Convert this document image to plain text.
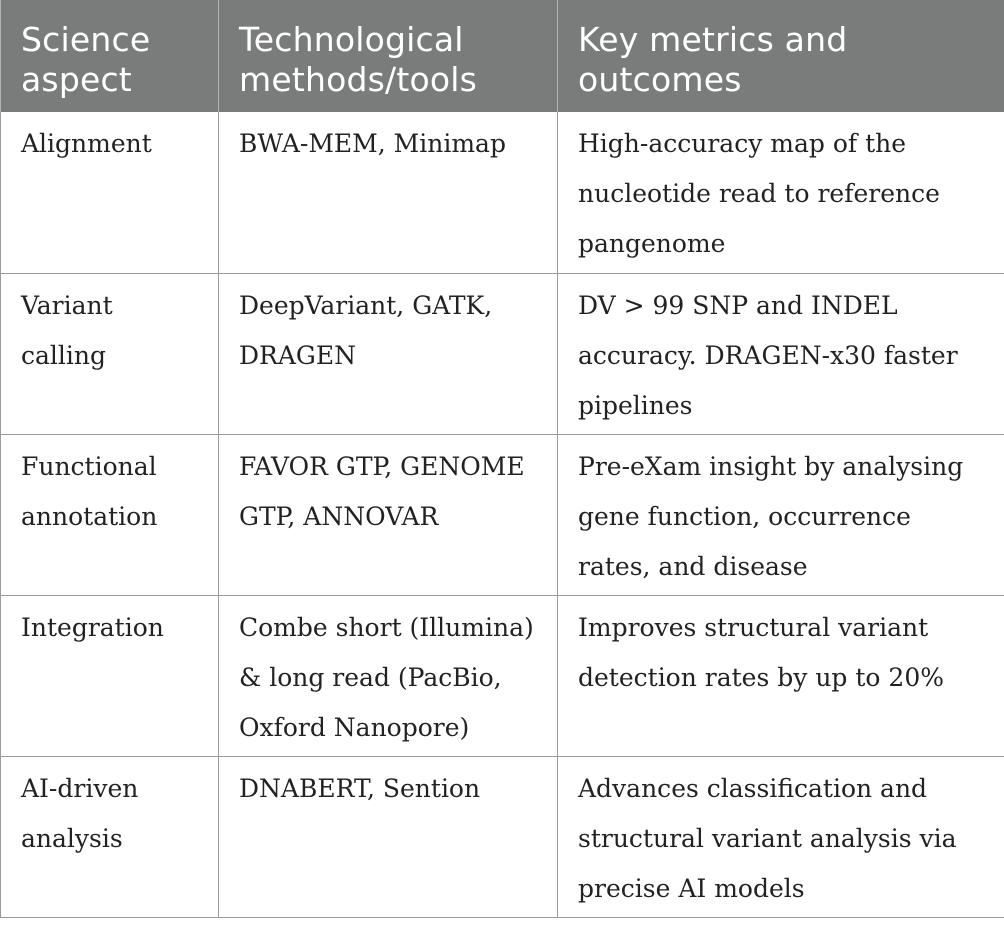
Science aspect	Technological methods/tools	Key metrics and outcomes
Alignment	BWA-MEM, Minimap	High-accuracy map of the nucleotide read to reference pangenome
Variant calling	DeepVariant, GATK, DRAGEN	DV > 99 SNP and INDEL accuracy. DRAGEN-x30 faster pipelines
Functional annotation	FAVOR GTP, GENOME GTP, ANNOVAR	Pre-eXam insight by analysing gene function, occurrence rates, and disease
Integration	Combe short (Illumina) & long read (PacBio, Oxford Nanopore)	Improves structural variant detection rates by up to 20%
AI-driven analysis	DNABERT, Sention	Advances classification and structural variant analysis via precise AI models
